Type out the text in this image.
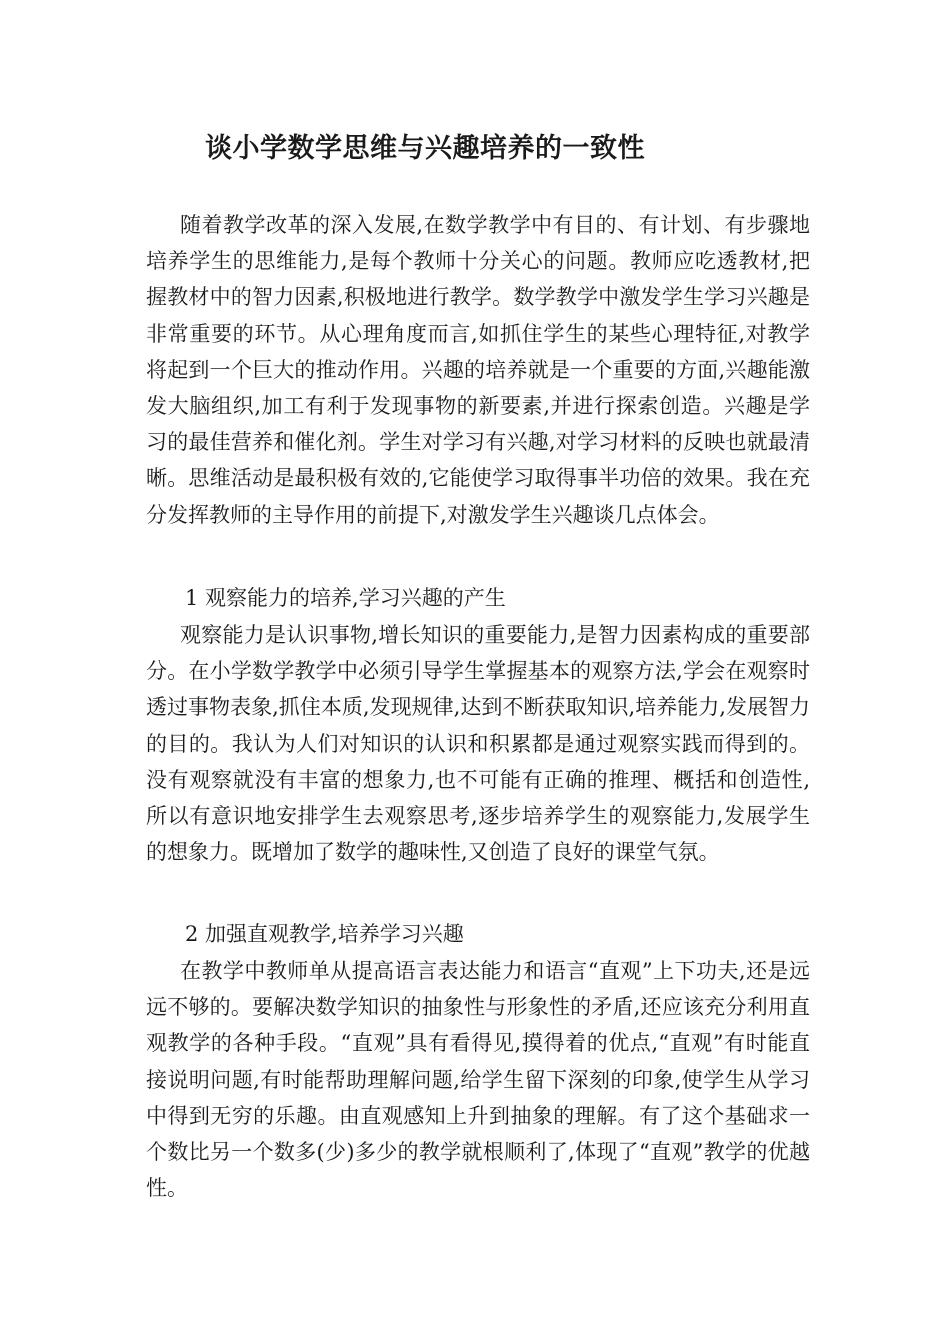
谈小学数学思维与兴趣培养的一致性
随着教学改革的深入发展,在数学教学中有目的、有计划、有步骤地培养学生的思维能力,是每个教师十分关心的问题。教师应吃透教材,把握教材中的智力因素,积极地进行教学。数学教学中激发学生学习兴趣是非常重要的环节。从心理角度而言,如抓住学生的某些心理特征,对教学将起到一个巨大的推动作用。兴趣的培养就是一个重要的方面,兴趣能激发大脑组织,加工有利于发现事物的新要素,并进行探索创造。兴趣是学习的最佳营养和催化剂。学生对学习有兴趣,对学习材料的反映也就最清晰。思维活动是最积极有效的,它能使学习取得事半功倍的效果。我在充分发挥教师的主导作用的前提下,对激发学生兴趣谈几点体会。
1 观察能力的培养,学习兴趣的产生
观察能力是认识事物,增长知识的重要能力,是智力因素构成的重要部分。在小学数学教学中必须引导学生掌握基本的观察方法,学会在观察时透过事物表象,抓住本质,发现规律,达到不断获取知识,培养能力,发展智力的目的。我认为人们对知识的认识和积累都是通过观察实践而得到的。没有观察就没有丰富的想象力,也不可能有正确的推理、概括和创造性,所以有意识地安排学生去观察思考,逐步培养学生的观察能力,发展学生的想象力。既增加了数学的趣味性,又创造了良好的课堂气氛。
2 加强直观教学,培养学习兴趣
在教学中教师单从提高语言表达能力和语言“直观”上下功夫,还是远远不够的。要解决数学知识的抽象性与形象性的矛盾,还应该充分利用直观教学的各种手段。“直观”具有看得见,摸得着的优点,“直观”有时能直接说明问题,有时能帮助理解问题,给学生留下深刻的印象,使学生从学习中得到无穷的乐趣。由直观感知上升到抽象的理解。有了这个基础求一个数比另一个数多(少)多少的教学就根顺利了,体现了“直观”教学的优越性。
